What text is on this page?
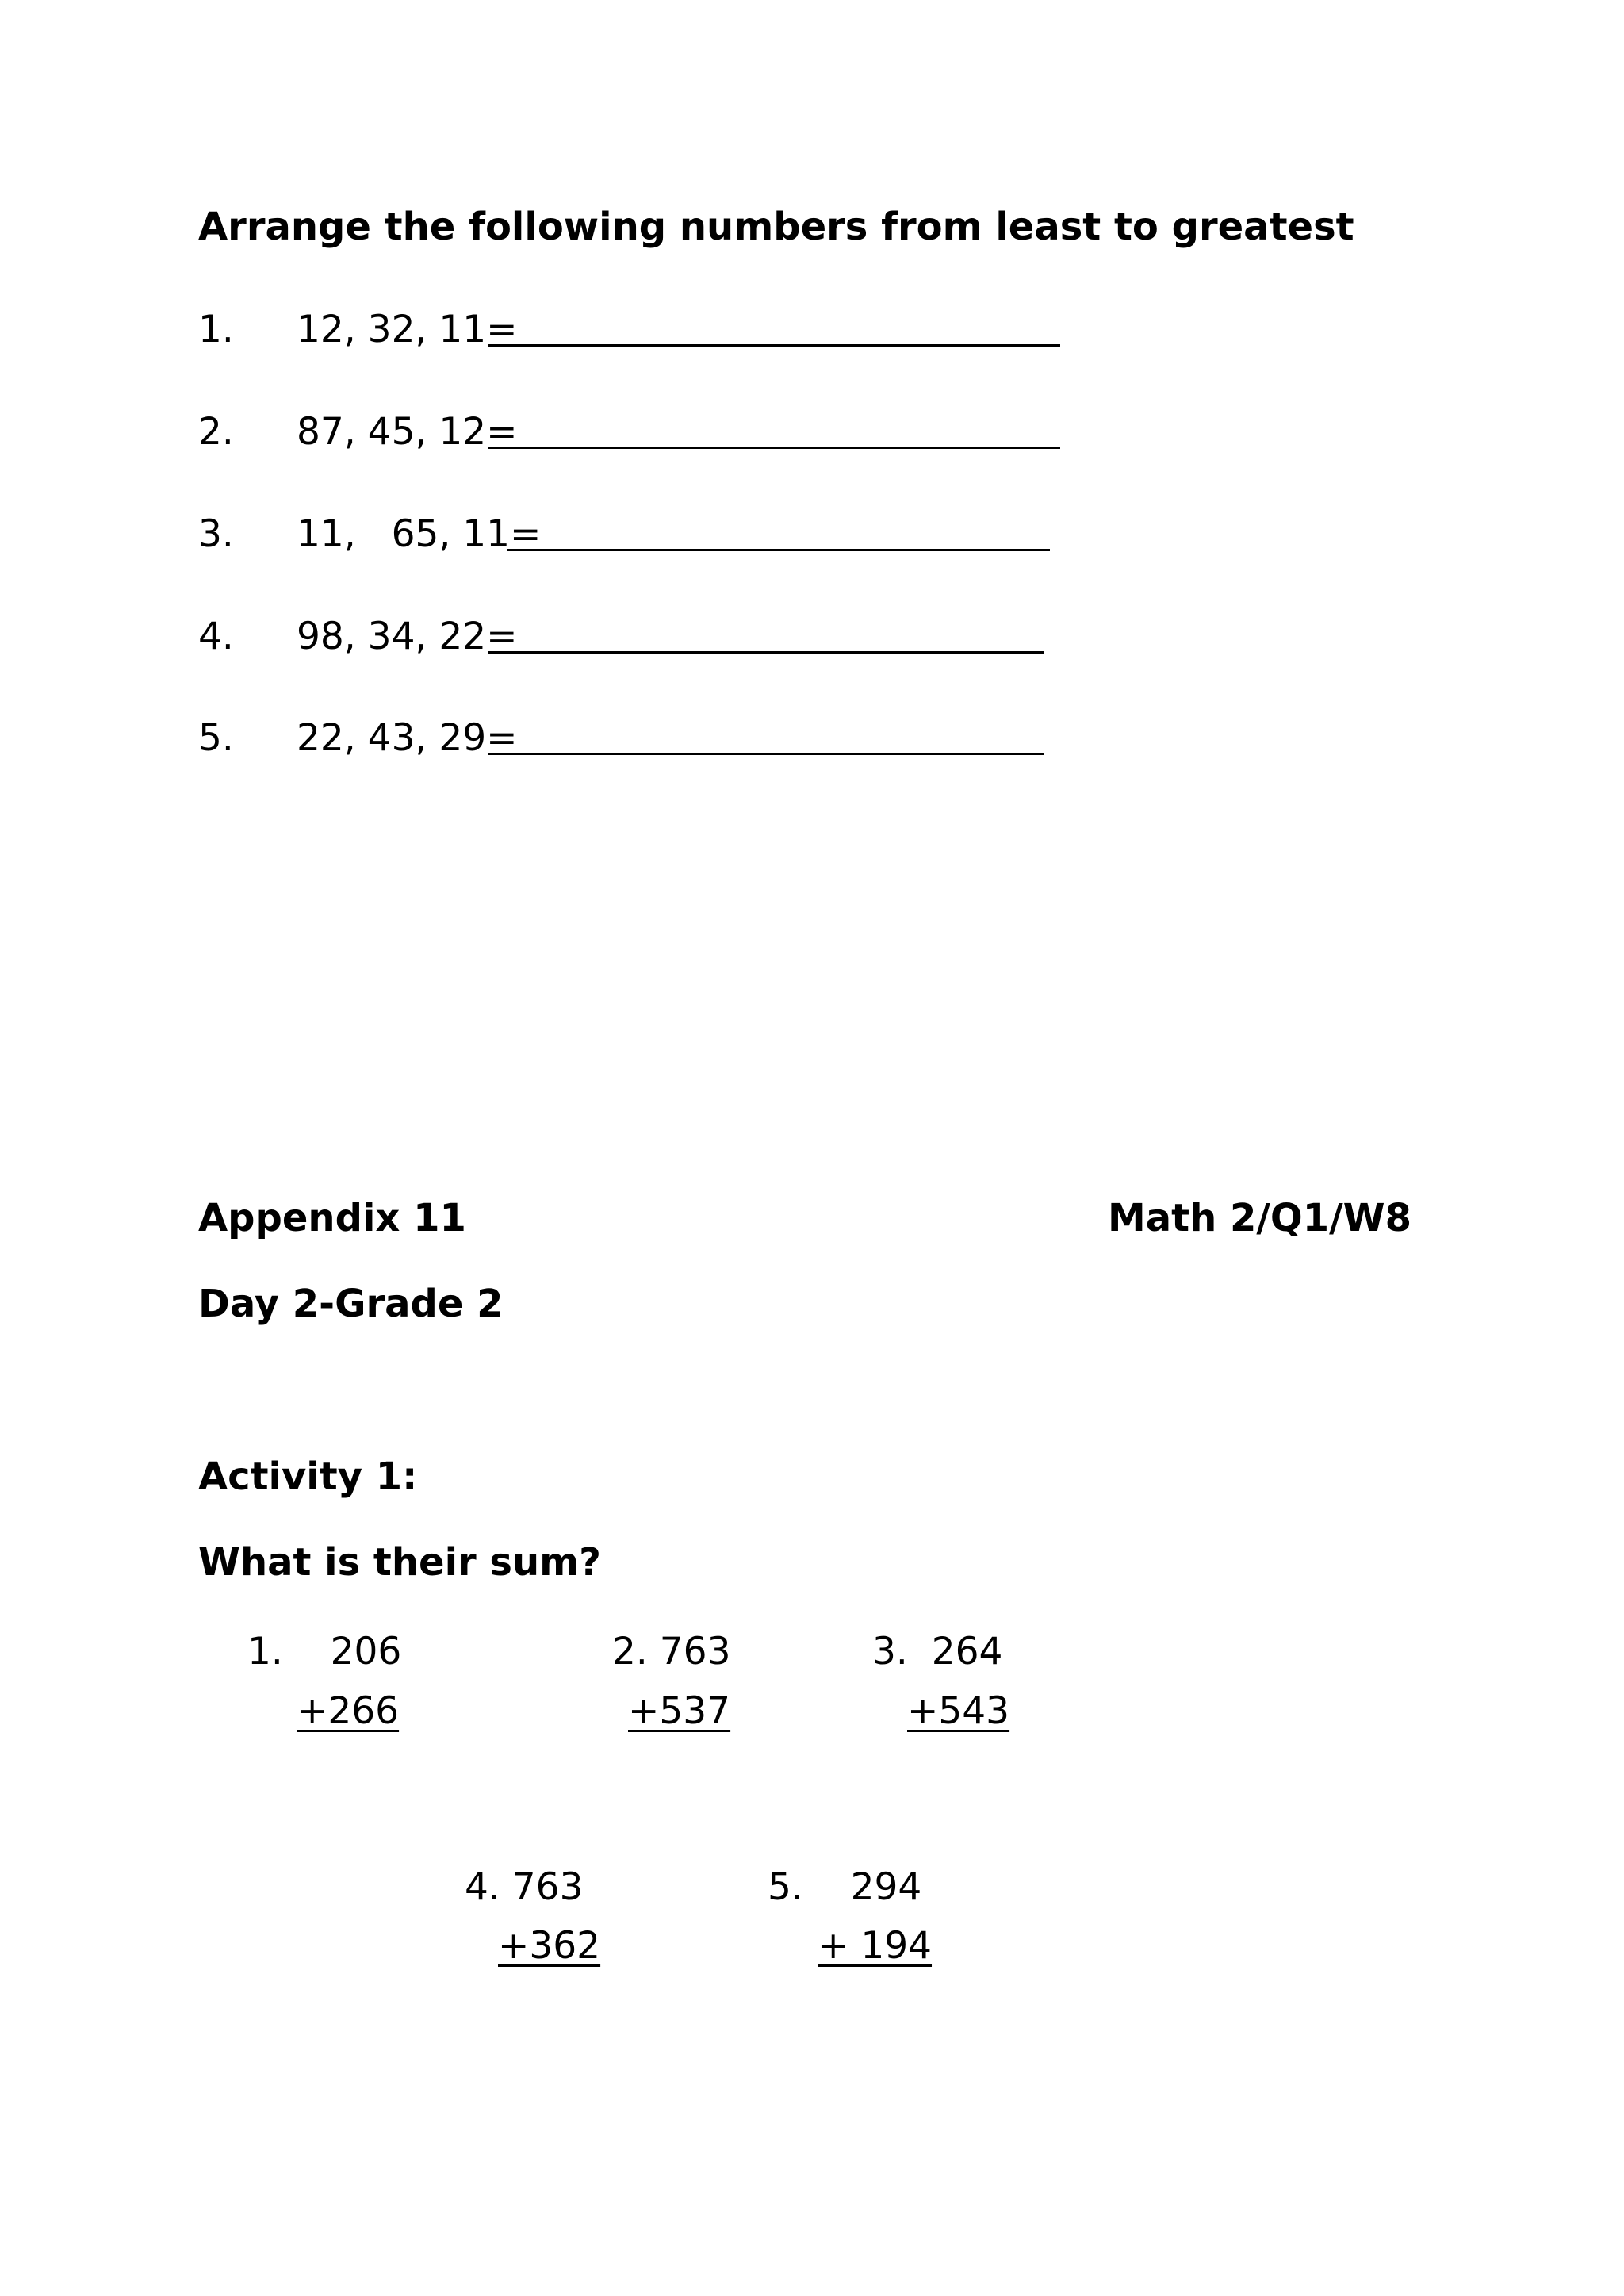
Arrange the following numbers from least to greatest
1. 12, 32, 11=
2. 87, 45, 12=
3. 11,   65, 11=
4. 98, 34, 22=
5. 22, 43, 29=
Appendix 11	Math 2/Q1/W8
Day 2-Grade 2
Activity 1:
What is their sum?
1.    206
+266
2. 763
+537
3.  264
+543
4. 763
+362
5.    294
+ 194
